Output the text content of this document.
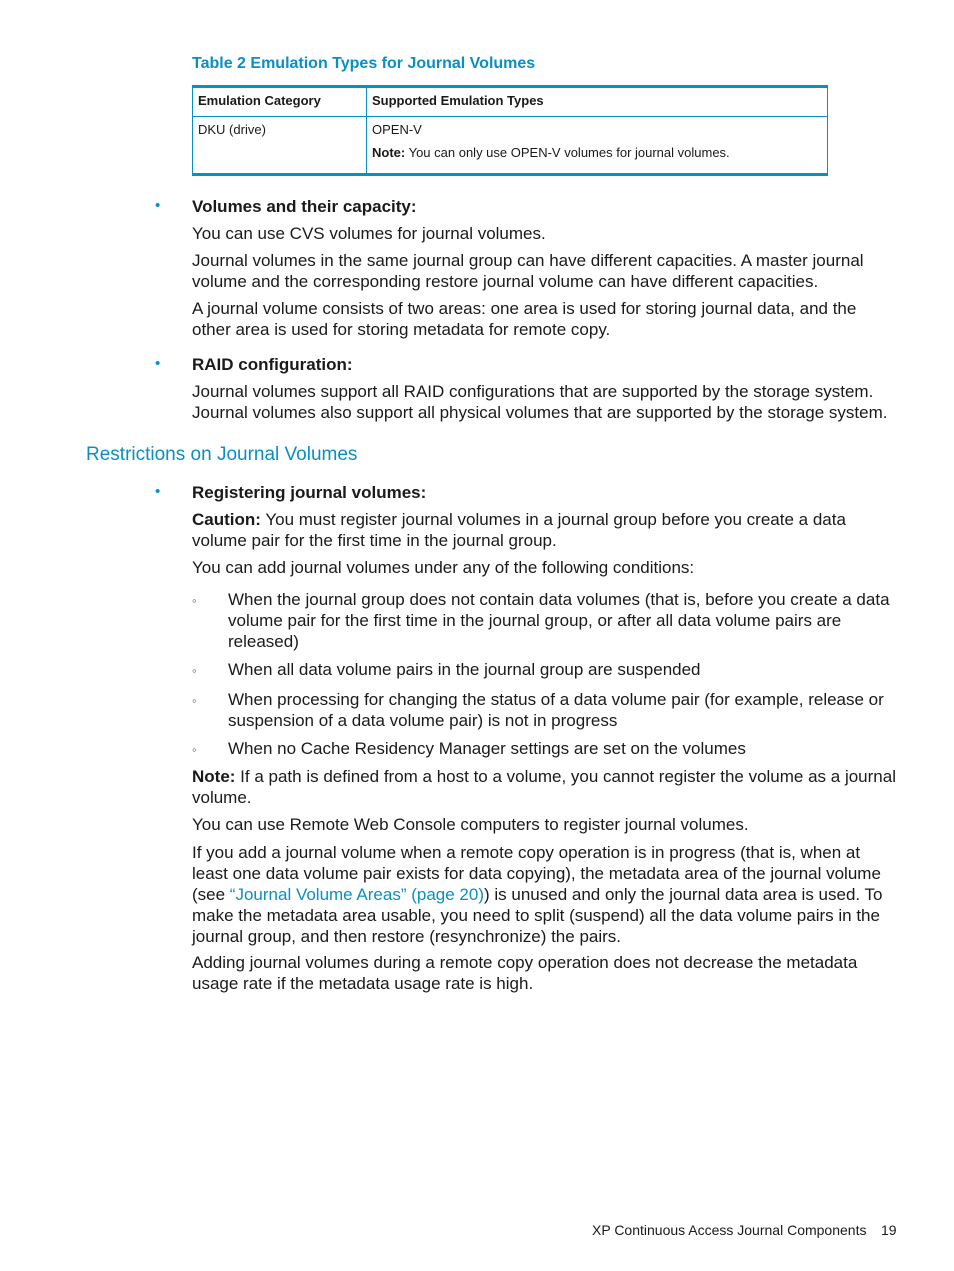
Table 2 Emulation Types for Journal Volumes
Emulation Category	Supported Emulation Types
DKU (drive)	OPEN-V
Note: You can only use OPEN-V volumes for journal volumes.
• Volumes and their capacity:
You can use CVS volumes for journal volumes.
Journal volumes in the same journal group can have different capacities. A master journal volume and the corresponding restore journal volume can have different capacities.
A journal volume consists of two areas: one area is used for storing journal data, and the other area is used for storing metadata for remote copy.
• RAID configuration:
Journal volumes support all RAID configurations that are supported by the storage system. Journal volumes also support all physical volumes that are supported by the storage system.
Restrictions on Journal Volumes
• Registering journal volumes:
Caution: You must register journal volumes in a journal group before you create a data volume pair for the first time in the journal group.
You can add journal volumes under any of the following conditions:
◦ When the journal group does not contain data volumes (that is, before you create a data volume pair for the first time in the journal group, or after all data volume pairs are released)
◦ When all data volume pairs in the journal group are suspended
◦ When processing for changing the status of a data volume pair (for example, release or suspension of a data volume pair) is not in progress
◦ When no Cache Residency Manager settings are set on the volumes
Note: If a path is defined from a host to a volume, you cannot register the volume as a journal volume.
You can use Remote Web Console computers to register journal volumes.
If you add a journal volume when a remote copy operation is in progress (that is, when at least one data volume pair exists for data copying), the metadata area of the journal volume (see “Journal Volume Areas” (page 20)) is unused and only the journal data area is used. To make the metadata area usable, you need to split (suspend) all the data volume pairs in the journal group, and then restore (resynchronize) the pairs.
Adding journal volumes during a remote copy operation does not decrease the metadata usage rate if the metadata usage rate is high.
XP Continuous Access Journal Components 19
